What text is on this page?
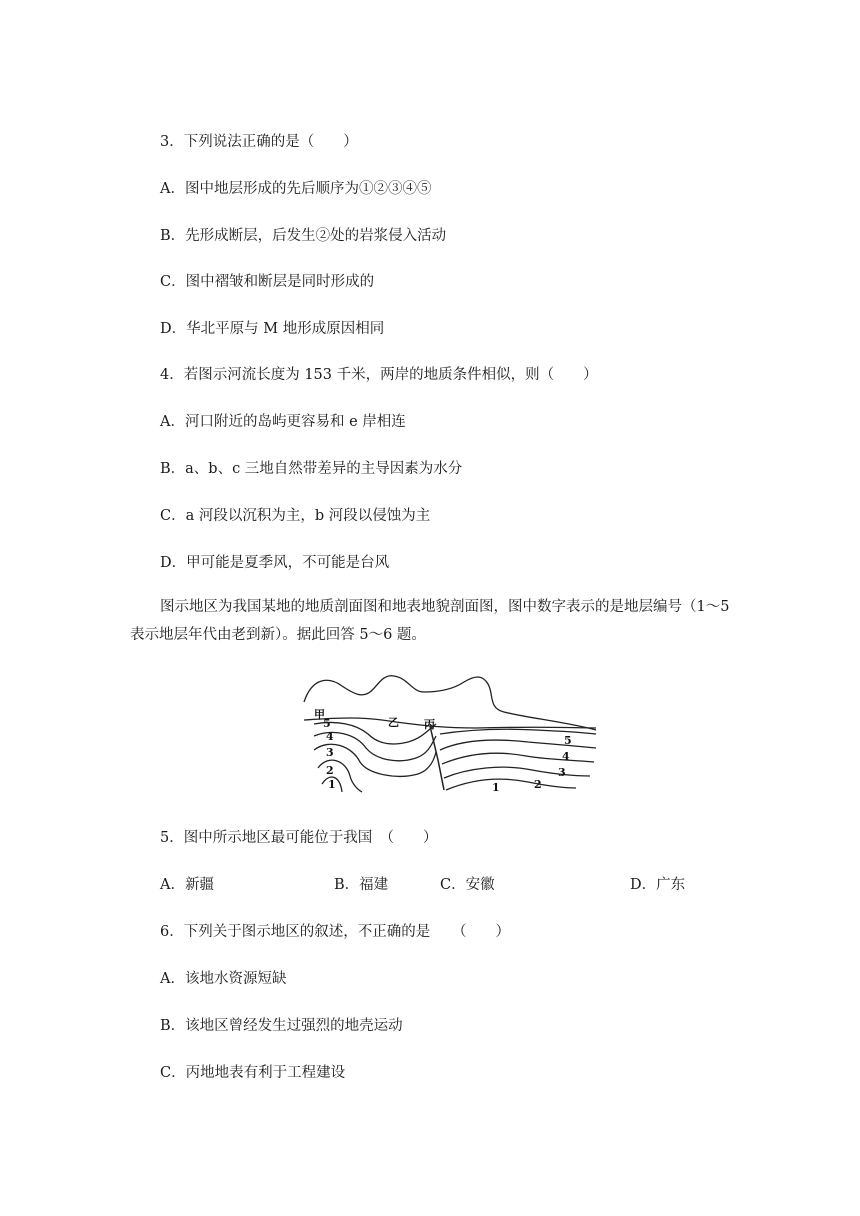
3．下列说法正确的是（　　）
A．图中地层形成的先后顺序为①②③④⑤
B．先形成断层，后发生②处的岩浆侵入活动
C．图中褶皱和断层是同时形成的
D．华北平原与 M 地形成原因相同
4．若图示河流长度为 153 千米，两岸的地质条件相似，则（　　）
A．河口附近的岛屿更容易和 e 岸相连
B．a、b、c 三地自然带差异的主导因素为水分
C．a 河段以沉积为主，b 河段以侵蚀为主
D．甲可能是夏季风，不可能是台风
图示地区为我国某地的地质剖面图和地表地貌剖面图，图中数字表示的是地层编号（1～5 表示地层年代由老到新）。据此回答 5～6 题。
甲
乙 丙
5
4
3
2
1
5
4
3
2
1
5．图中所示地区最可能位于我国　（　　）
A．新疆	B．福建	C．安徽	D．广东
6．下列关于图示地区的叙述，不正确的是　　（　　）
A．该地水资源短缺
B．该地区曾经发生过强烈的地壳运动
C．丙地地表有利于工程建设
